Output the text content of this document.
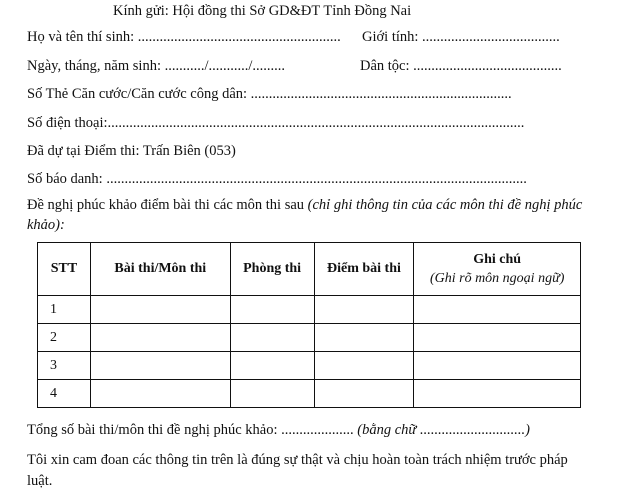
Kính gửi: Hội đồng thi Sở GD&ĐT Tỉnh Đồng Nai
Họ và tên thí sinh: ........................................................ Giới tính: ......................................
Ngày, tháng, năm sinh: .........../.........../.........	Dân tộc: .........................................
Số Thẻ Căn cước/Căn cước công dân: ........................................................................
Số điện thoại:...................................................................................................................
Đã dự tại Điểm thi: Trấn Biên (053)
Số báo danh: ....................................................................................................................
Đề nghị phúc khảo điểm bài thi các môn thi sau (chỉ ghi thông tin của các môn thi đề nghị phúc
khảo):
STT	Bài thi/Môn thi	Phòng thi	Điểm bài thi	Ghi chú
(Ghi rõ môn ngoại ngữ)

1				
2				
3				
4				
Tổng số bài thi/môn thi đề nghị phúc khảo: .................... (bằng chữ .............................)
Tôi xin cam đoan các thông tin trên là đúng sự thật và chịu hoàn toàn trách nhiệm trước pháp
luật.
